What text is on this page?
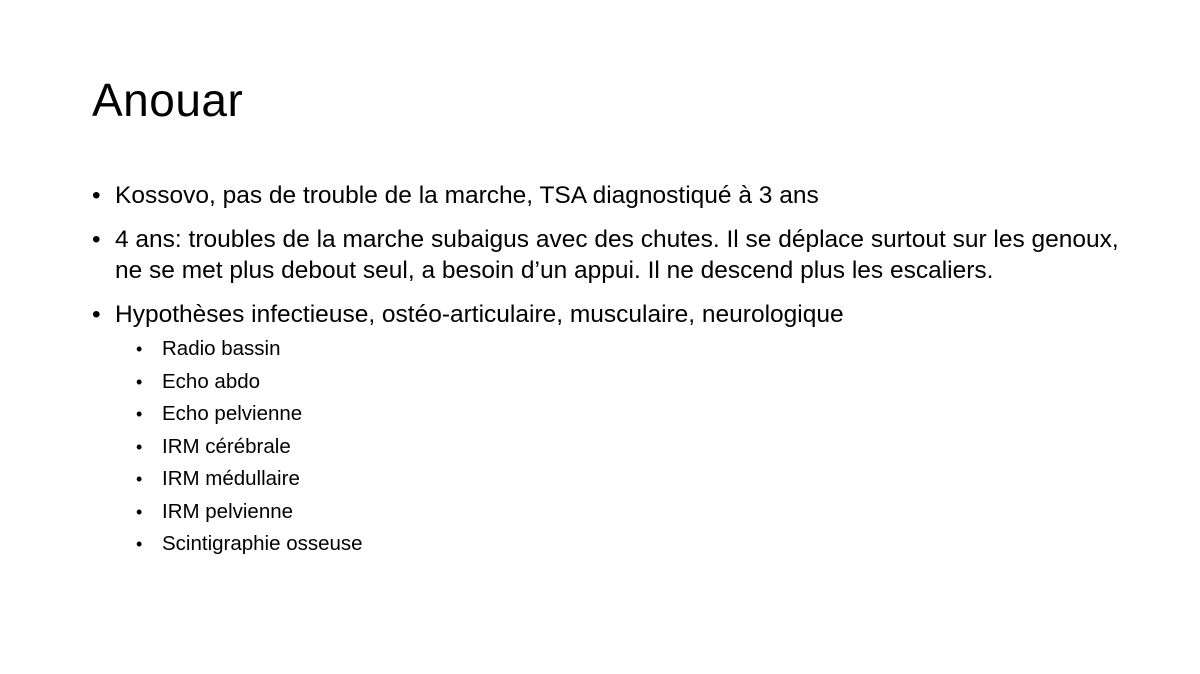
Anouar
• Kossovo, pas de trouble de la marche, TSA diagnostiqué à 3 ans
• 4 ans: troubles de la marche subaigus avec des chutes. Il se déplace surtout sur les genoux, ne se met plus debout seul, a besoin d’un appui. Il ne descend plus les escaliers.
• Hypothèses infectieuse, ostéo-articulaire, musculaire, neurologique
• Radio bassin
• Echo abdo
• Echo pelvienne
• IRM cérébrale
• IRM médullaire
• IRM pelvienne
• Scintigraphie osseuse
